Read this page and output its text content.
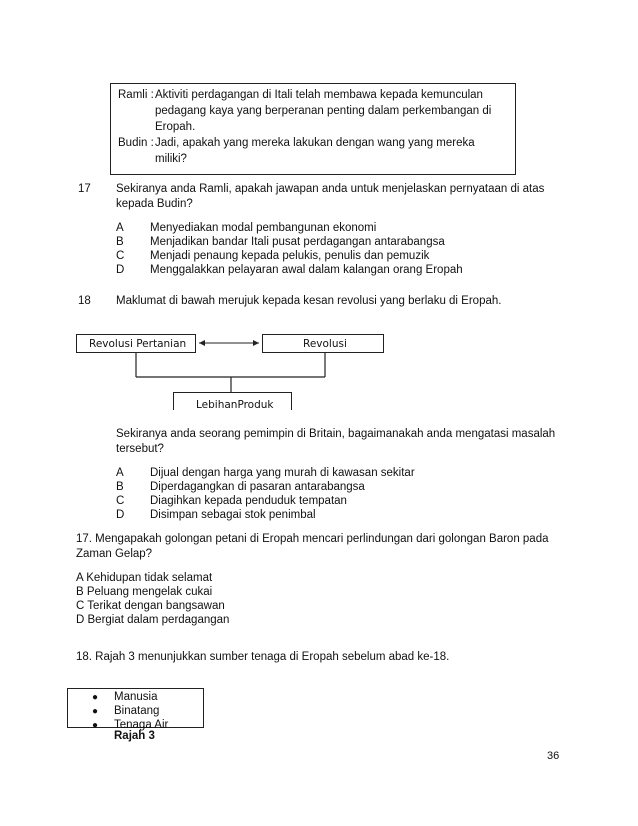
Ramli : Aktiviti perdagangan di Itali telah membawa kepada kemunculan
pedagang kaya yang berperanan penting dalam perkembangan di
Eropah.
Budin : Jadi, apakah yang mereka lakukan dengan wang yang mereka
miliki?
17 Sekiranya anda Ramli, apakah jawapan anda untuk menjelaskan pernyataan di atas
kepada Budin?
A Menyediakan modal pembangunan ekonomi
B Menjadikan bandar Itali pusat perdagangan antarabangsa
C Menjadi penaung kepada pelukis, penulis dan pemuzik
D Menggalakkan pelayaran awal dalam kalangan orang Eropah
18 Maklumat di bawah merujuk kepada kesan revolusi yang berlaku di Eropah.
Revolusi Pertanian	Revolusi
LebihanProduk
Sekiranya anda seorang pemimpin di Britain, bagaimanakah anda mengatasi masalah
tersebut?
A Dijual dengan harga yang murah di kawasan sekitar
B Diperdagangkan di pasaran antarabangsa
C Diagihkan kepada penduduk tempatan
D Disimpan sebagai stok penimbal
17. Mengapakah golongan petani di Eropah mencari perlindungan dari golongan Baron pada
Zaman Gelap?
A Kehidupan tidak selamat
B Peluang mengelak cukai
C Terikat dengan bangsawan
D Bergiat dalam perdagangan
18. Rajah 3 menunjukkan sumber tenaga di Eropah sebelum abad ke-18.
● Manusia
● Binatang
● Tenaga Air
Rajah 3
36
